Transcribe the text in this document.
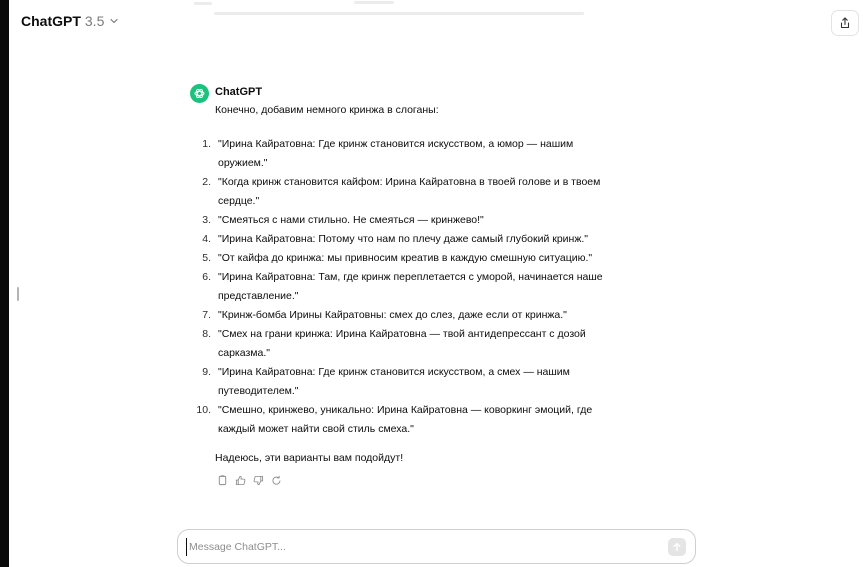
ChatGPT 3.5
ChatGPT
Конечно, добавим немного кринжа в слоганы:
1. "Ирина Кайратовна: Где кринж становится искусством, а юмор — нашим оружием."
2. "Когда кринж становится кайфом: Ирина Кайратовна в твоей голове и в твоем сердце."
3. "Смеяться с нами стильно. Не смеяться — кринжево!"
4. "Ирина Кайратовна: Потому что нам по плечу даже самый глубокий кринж."
5. "От кайфа до кринжа: мы привносим креатив в каждую смешную ситуацию."
6. "Ирина Кайратовна: Там, где кринж переплетается с уморой, начинается наше представление."
7. "Кринж-бомба Ирины Кайратовны: смех до слез, даже если от кринжа."
8. "Смех на грани кринжа: Ирина Кайратовна — твой антидепрессант с дозой сарказма."
9. "Ирина Кайратовна: Где кринж становится искусством, а смех — нашим путеводителем."
10. "Смешно, кринжево, уникально: Ирина Кайратовна — коворкинг эмоций, где каждый может найти свой стиль смеха."
Надеюсь, эти варианты вам подойдут!
Message ChatGPT...
